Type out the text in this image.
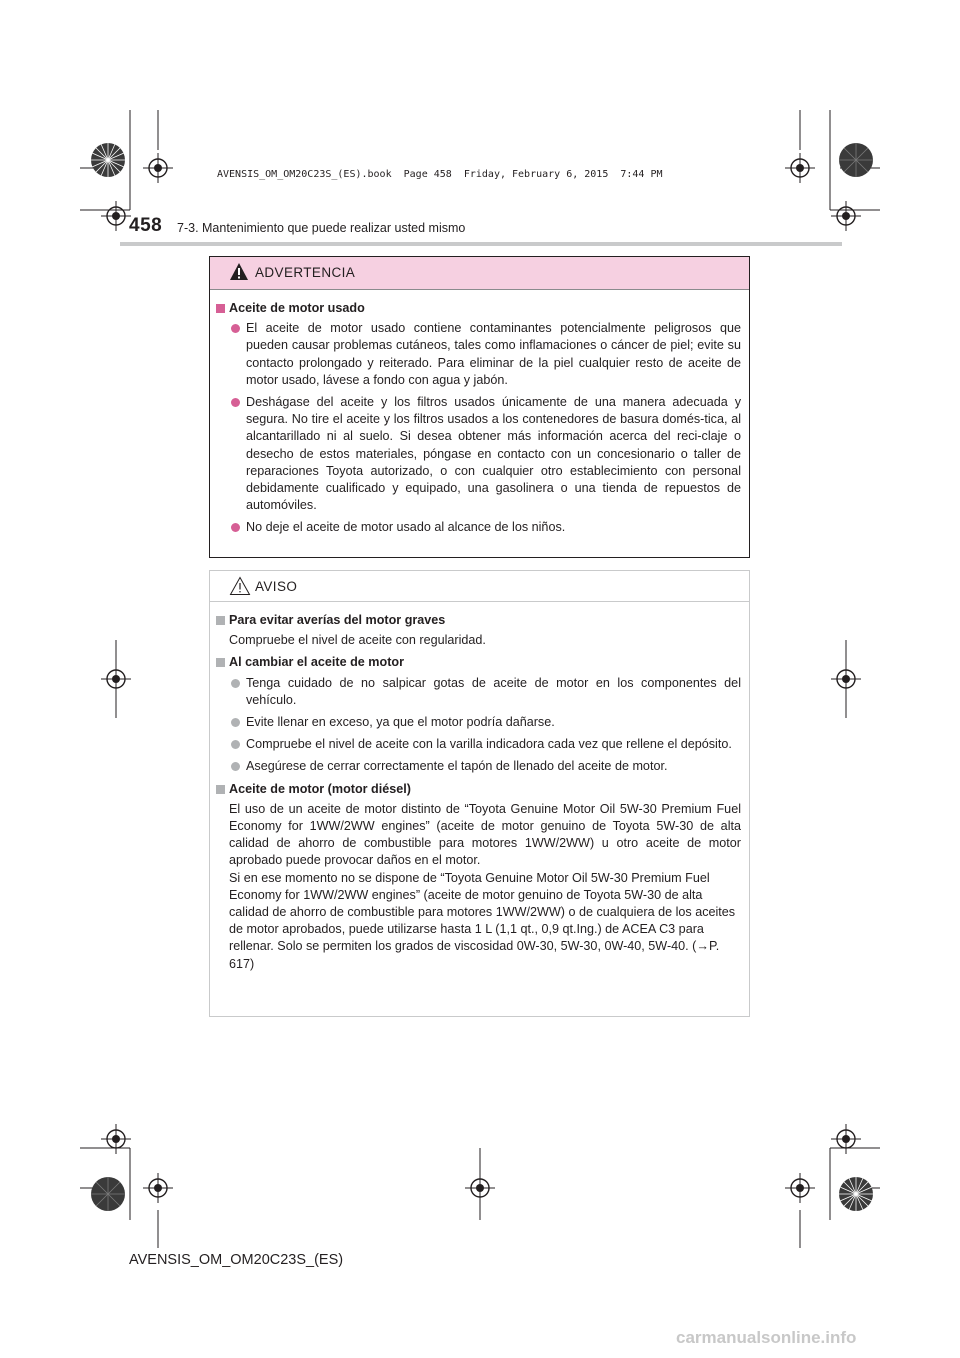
AVENSIS_OM_OM20C23S_(ES).book  Page 458  Friday, February 6, 2015  7:44 PM
458 7-3. Mantenimiento que puede realizar usted mismo
ADVERTENCIA
Aceite de motor usado
El aceite de motor usado contiene contaminantes potencialmente peligrosos que pueden causar problemas cutáneos, tales como inflamaciones o cáncer de piel; evite su contacto prolongado y reiterado. Para eliminar de la piel cualquier resto de aceite de motor usado, lávese a fondo con agua y jabón.
Deshágase del aceite y los filtros usados únicamente de una manera adecuada y segura. No tire el aceite y los filtros usados a los contenedores de basura domés-tica, al alcantarillado ni al suelo. Si desea obtener más información acerca del reci-claje o desecho de estos materiales, póngase en contacto con un concesionario o taller de reparaciones Toyota autorizado, o con cualquier otro establecimiento con personal debidamente cualificado y equipado, una gasolinera o una tienda de repuestos de automóviles.
No deje el aceite de motor usado al alcance de los niños.
AVISO
Para evitar averías del motor graves
Compruebe el nivel de aceite con regularidad.
Al cambiar el aceite de motor
Tenga cuidado de no salpicar gotas de aceite de motor en los componentes del vehículo.
Evite llenar en exceso, ya que el motor podría dañarse.
Compruebe el nivel de aceite con la varilla indicadora cada vez que rellene el depósito.
Asegúrese de cerrar correctamente el tapón de llenado del aceite de motor.
Aceite de motor (motor diésel)
El uso de un aceite de motor distinto de “Toyota Genuine Motor Oil 5W-30 Premium Fuel Economy for 1WW/2WW engines” (aceite de motor genuino de Toyota 5W-30 de alta calidad de ahorro de combustible para motores 1WW/2WW) u otro aceite de motor aprobado puede provocar daños en el motor.
Si en ese momento no se dispone de “Toyota Genuine Motor Oil 5W-30 Premium Fuel Economy for 1WW/2WW engines” (aceite de motor genuino de Toyota 5W-30 de alta calidad de ahorro de combustible para motores 1WW/2WW) o de cualquiera de los aceites de motor aprobados, puede utilizarse hasta 1 L (1,1 qt., 0,9 qt.Ing.) de ACEA C3 para rellenar. Solo se permiten los grados de viscosidad 0W-30, 5W-30, 0W-40, 5W-40. (→P. 617)
AVENSIS_OM_OM20C23S_(ES)
carmanualsonline.info
